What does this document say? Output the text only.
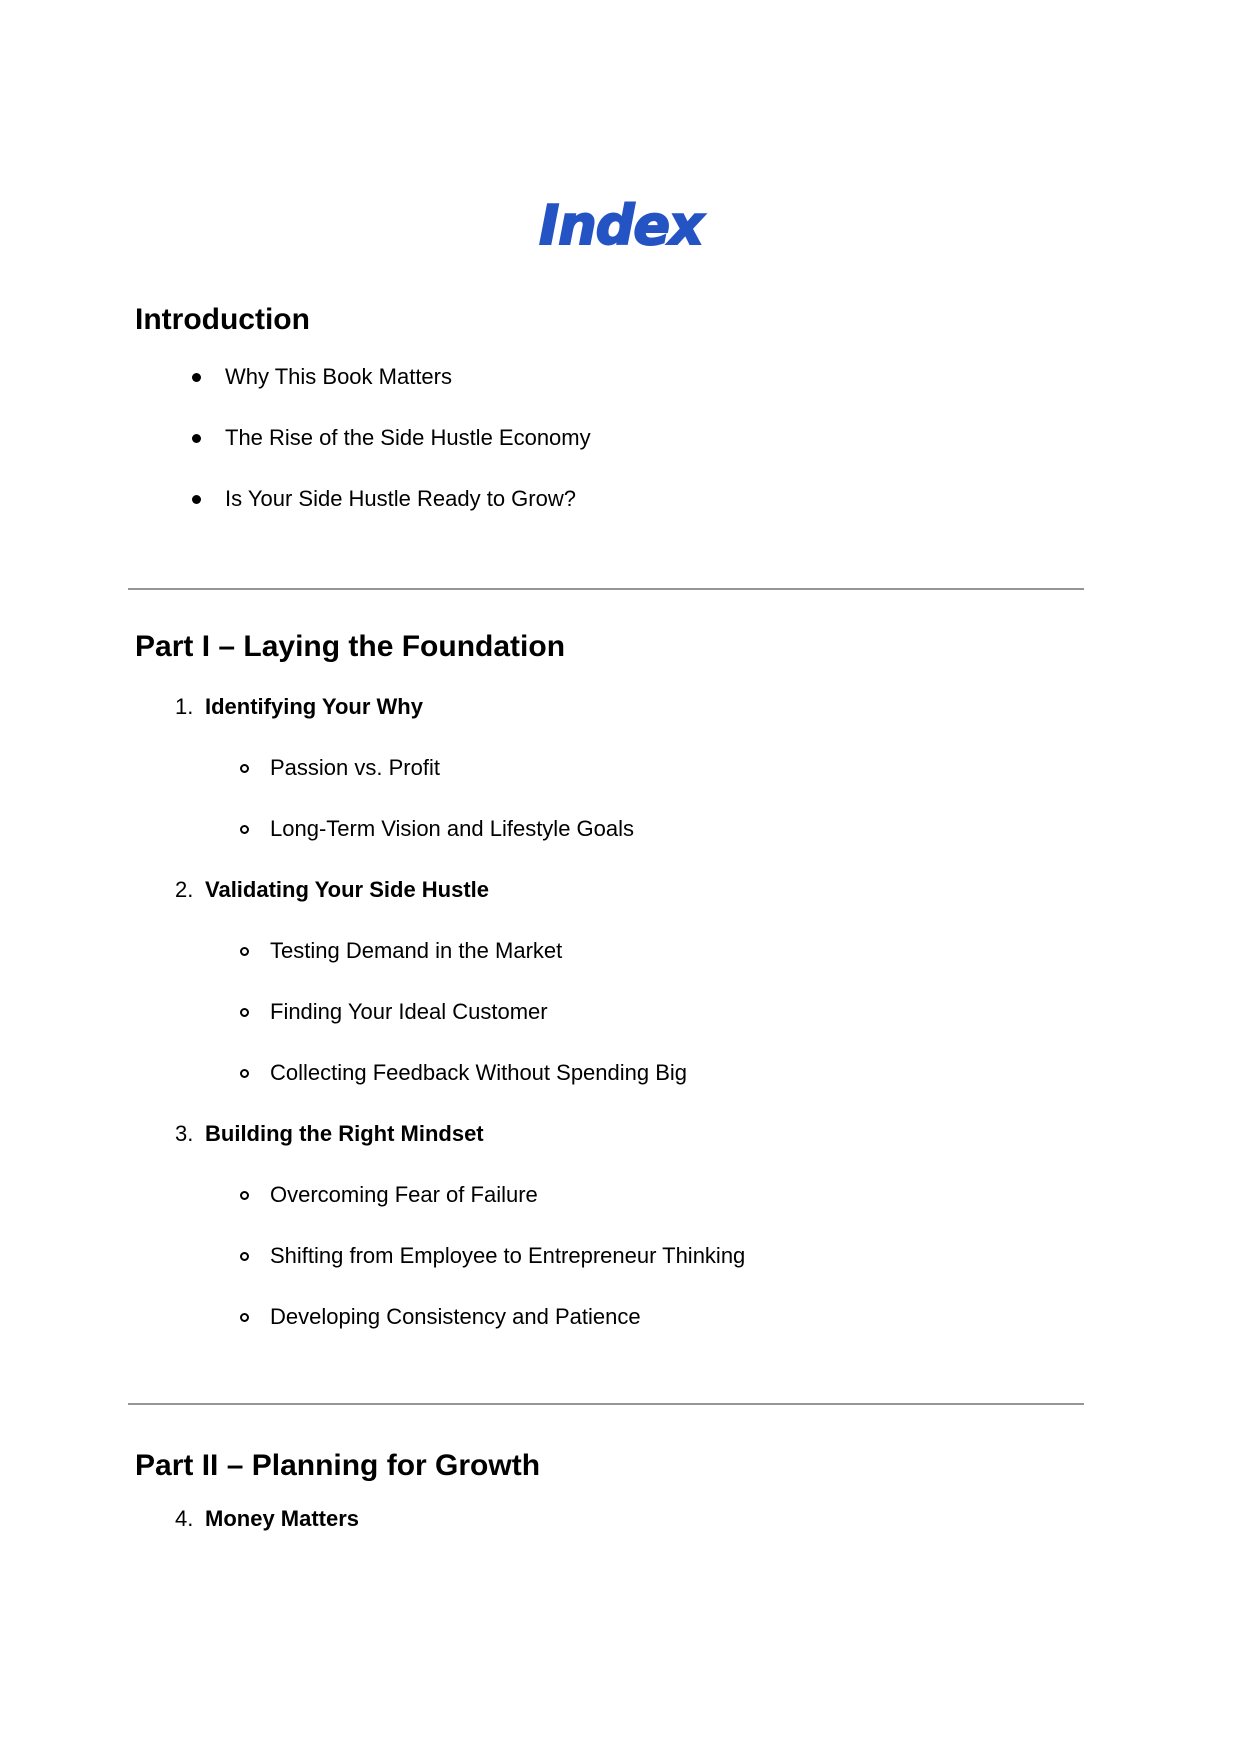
Index
Introduction
Why This Book Matters
The Rise of the Side Hustle Economy
Is Your Side Hustle Ready to Grow?
Part I – Laying the Foundation
1. Identifying Your Why
Passion vs. Profit
Long-Term Vision and Lifestyle Goals
2. Validating Your Side Hustle
Testing Demand in the Market
Finding Your Ideal Customer
Collecting Feedback Without Spending Big
3. Building the Right Mindset
Overcoming Fear of Failure
Shifting from Employee to Entrepreneur Thinking
Developing Consistency and Patience
Part II – Planning for Growth
4. Money Matters
